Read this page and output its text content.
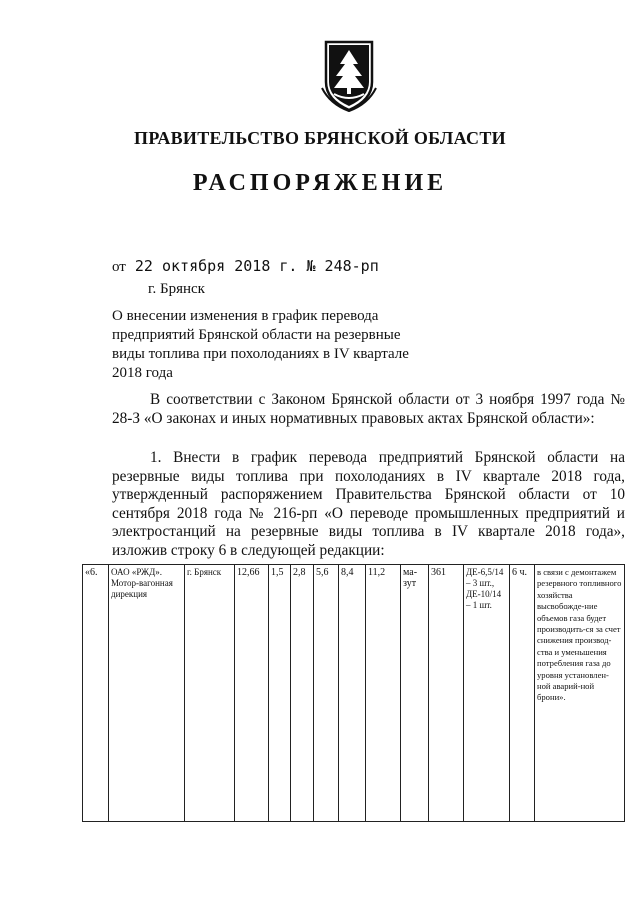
ПРАВИТЕЛЬСТВО БРЯНСКОЙ ОБЛАСТИ
РАСПОРЯЖЕНИЕ
от 22 октября 2018 г. № 248-рп
г. Брянск
О внесении изменения в график перевода предприятий Брянской области на резервные виды топлива при похолоданиях в IV квартале 2018 года
В соответствии с Законом Брянской области от 3 ноября 1997 года № 28-З «О законах и иных нормативных правовых актах Брянской области»:
1. Внести в график перевода предприятий Брянской области на резервные виды топлива при похолоданиях в IV квартале 2018 года, утвержденный распоряжением Правительства Брянской области от 10 сентября 2018 года № 216-рп «О переводе промышленных предприятий и электростанций на резервные виды топлива в IV квартале 2018 года», изложив строку 6 в следующей редакции:
«6.	ОАО «РЖД». Мотор-вагонная дирекция	г. Брянск	12,66	1,5	2,8	5,6	8,4	11,2	ма-зут	361	ДЕ-6,5/14 – 3 шт., ДЕ-10/14 – 1 шт.	6 ч.	в связи с демонтажем резервного топливного хозяйства высвобожде-ние объемов газа будет производить-ся за счет снижения производ-ства и уменьшения потребления газа до уровня установлен-ной аварий-ной брони».
